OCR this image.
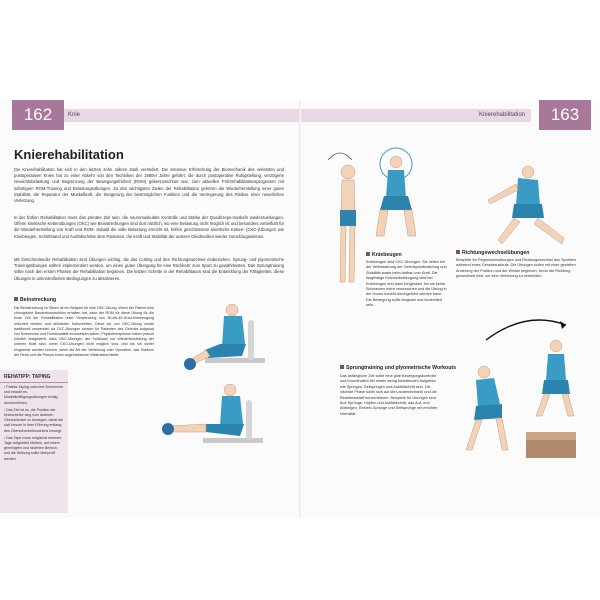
162	Knie	Knierehabilitation	163
Knierehabilitation
Die Knierehabilitation hat sich in den letzten zehn Jahren stark verändert. Die intensive Erforschung der Biomechanik des verletzten und postoperativen Knies hat zu einer Abkehr von den Techniken der 1980er Jahre geführt, die durch postoperative Ruhigstellung, verzögerte Gewichtsbelastung und Begrenzung der Bewegungsfreiheit (ROM) gekennzeichnet war, zum aktuellen Frührehabilitationsprogramm mit sofortigem ROM-Training und Belastungsübungen. Zu den wichtigsten Zielen der Rehabilitation gehören die Wiederherstellung einer guten Stabilität, die Reparatur der Muskelkraft, die Steigerung der bestmöglichen Funktion und die Verringerung des Risikos einer neuerlichen Verletzung.
In der frühen Rehabilitation muss das primäre Ziel sein, die neuromuskuläre Kontrolle und Stärke der Quadrizeps-muskeln wiederzuerlangen. Offene kinetische Kettenübungen (OKC) wie Beinstreckungen sind dort nützlich, wo eine Belastung nicht möglich ist und besonders vorteilhaft für die Wiederherstellung von Kraft und ROM. Sobald die volle Belastung erreicht ist, helfen geschlossene kinetische Ketten- (CKC-)Übungen wie Kniebeugen, Schrittstand und Ausfallschritte dem Patienten, die Kraft und Stabilität der unteren Gliedmaßen wieder zurückzugewinnen.
Mit fortschreitender Rehabilitation sind Übungen wichtig, die das Cutting und den Richtungswechsel einbeziehen. Sprung- und plyometrische Trainingsübungen sollten implementiert werden, um einen guten Übergang für eine Rückkehr zum Sport zu gewährleisten. Das Sprungtraining sollte nach den ersten Phasen der Rehabilitation beginnen. Die letzten Schritte in der Rehabilitation sind die Entwicklung der Fähigkeiten, diese Übungen in unkontrollierten Bedingungen zu absolvieren.
Beinstreckung
Die Beinstreckung im Sitzen ist ein Beispiel für eine OKC-Übung. Wenn der Patient eine chirurgische Bandrekonstruktion erhalten hat, kann der ROM für diese Übung für die erste Zeit der Rehabilitation unter Verwendung von 90-bis-40-Grad-Kniebeugung reduziert werden und allmählich fortschreiten. Diese Art von OKC-Übung würde traditionell verwendet, da CKC-Übungen schwer für Patienten des Gelenks aufgrund von Schmerzen und Funktionalität einzusetzen wären. Physiotherapeuten haben jedoch kürzlich festgestellt, dass OKC-Übungen der Schlüssel zur Wiederherstellung der unteren Kraft sind, wenn CKC-Übungen nicht möglich sind, und bis sie sicher eingesetzt werden können, wenn die Art der Verletzung oder Operation, das Stadium der Reha und die Person einen angemessenen Widerstand bietet.
REHATIPP: TAPING
• Patella-Taping reduziert Schmerzen und erlaubt es, Muskelkräftigungsübungen richtig durchzuführen.
• Das Ziel ist es, die Position der Kniescheibe weg vom äußeren Oberschenkel zu bewegen, damit sie sich besser in ihrer Führung entlang des Oberschenkelknochens bewegt.
• Das Tape muss möglichst mehrere Tage aufgeklebt bleiben, auf einem gereinigten und rasierten Bereich, und die Wirkung sollte überprüft werden.
Kniebeugen
Kniebeugen sind CKC-Übungen. Sie helfen bei der Verbesserung der Gelenkpositionierung und Stabilität sowie beim Aufbau von Kraft. Die langfristige Kniewinkelbeugung wird bei Kniebeugen erst dann fortgesetzt, bis sie keine Schmerzen mehr verursachen und die Übung in der Hocke korrekt durchgeführt werden kann. Die Bewegung sollte langsam und kontrolliert sein.
Richtungswechselübungen
Beispiele für Regressionsübungen und Richtungswechsel des Sportlers während eines Geradeauslaufs. Die Übungen sollen mit einer gezielten Änderung der Position und der Winkel beginnen, bevor die Richtung gewechselt wird, um eine Verletzung zu vermeiden.
Sprungtraining und plyometrische Workouts
Das anfängliche Ziel sollte eine gute Bewegungskontrolle und Koordination bei relativ wenig belastenden Aufgaben wie Springen, Seilspringen und Ausfallschritt sein. Die nächste Phase sollte sich auf die Landemechanik und die Reaktionskraft konzentrieren. Beispiele für Übungen sind Box Sprünge, Hüpfen und Ausfallschritt, das Auf- und Absteigen, Einbein-Sprünge und Seitsprünge mit erhöhter Intensität.
